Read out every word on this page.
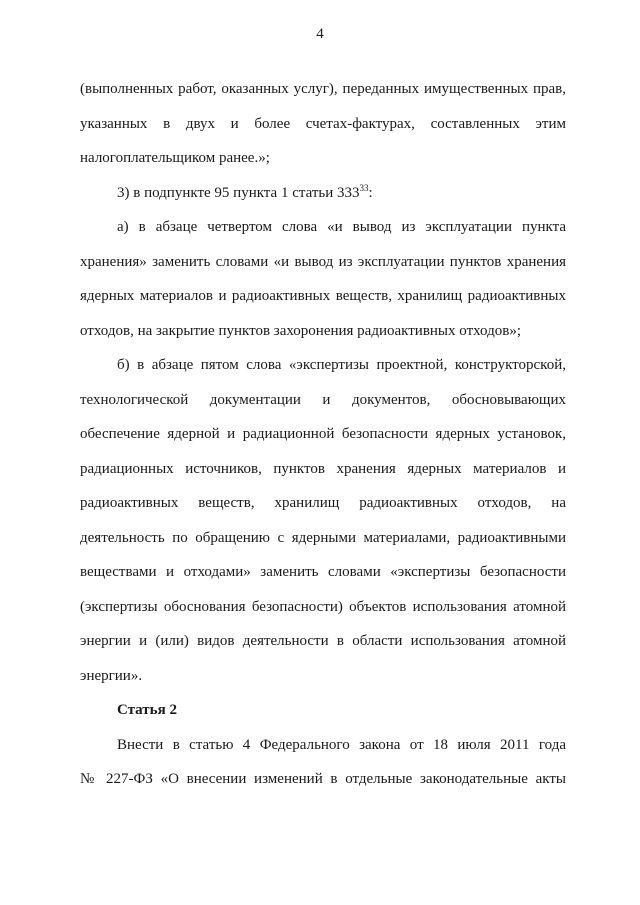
4
(выполненных работ, оказанных услуг), переданных имущественных прав,
указанных в двух и более счетах-фактурах, составленных этим
налогоплательщиком ранее.»;
3) в подпункте 95 пункта 1 статьи $333^{33}$:
а) в абзаце четвертом слова «и вывод из эксплуатации пункта
хранения» заменить словами «и вывод из эксплуатации пунктов хранения
ядерных материалов и радиоактивных веществ, хранилищ радиоактивных
отходов, на закрытие пунктов захоронения радиоактивных отходов»;
б) в абзаце пятом слова «экспертизы проектной, конструкторской,
технологической документации и документов, обосновывающих
обеспечение ядерной и радиационной безопасности ядерных установок,
радиационных источников, пунктов хранения ядерных материалов и
радиоактивных веществ, хранилищ радиоактивных отходов, на
деятельность по обращению с ядерными материалами, радиоактивными
веществами и отходами» заменить словами «экспертизы безопасности
(экспертизы обоснования безопасности) объектов использования атомной
энергии и (или) видов деятельности в области использования атомной
энергии».
Статья 2
Внести в статью 4 Федерального закона от 18 июля 2011 года
№ 227-ФЗ «О внесении изменений в отдельные законодательные акты
